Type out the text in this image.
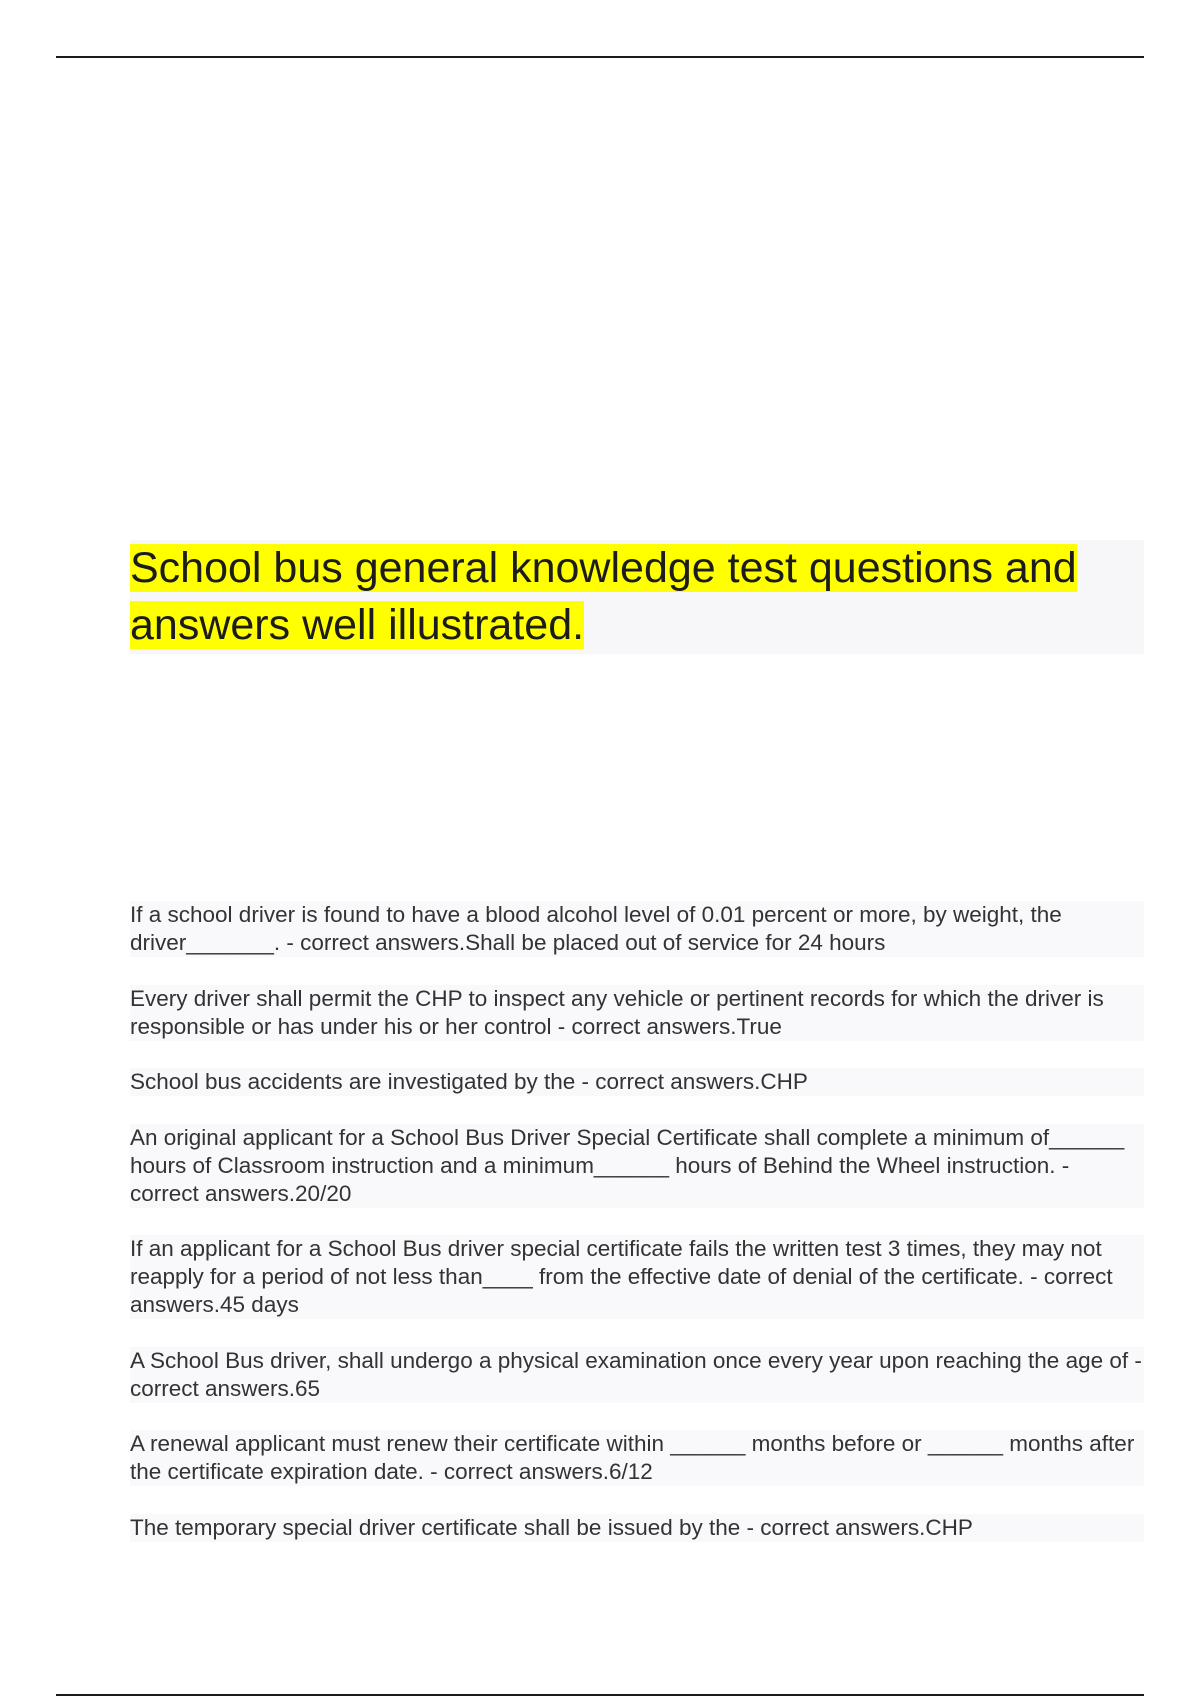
School bus general knowledge test questions and answers well illustrated.
If a school driver is found to have a blood alcohol level of 0.01 percent or more, by weight, the driver_______. - correct answers.Shall be placed out of service for 24 hours
Every driver shall permit the CHP to inspect any vehicle or pertinent records for which the driver is responsible or has under his or her control - correct answers.True
School bus accidents are investigated by the - correct answers.CHP
An original applicant for a School Bus Driver Special Certificate shall complete a minimum of______ hours of Classroom instruction and a minimum______ hours of Behind the Wheel instruction. - correct answers.20/20
If an applicant for a School Bus driver special certificate fails the written test 3 times, they may not reapply for a period of not less than____ from the effective date of denial of the certificate. - correct answers.45 days
A School Bus driver, shall undergo a physical examination once every year upon reaching the age of - correct answers.65
A renewal applicant must renew their certificate within ______ months before or ______ months after the certificate expiration date. - correct answers.6/12
The temporary special driver certificate shall be issued by the - correct answers.CHP
